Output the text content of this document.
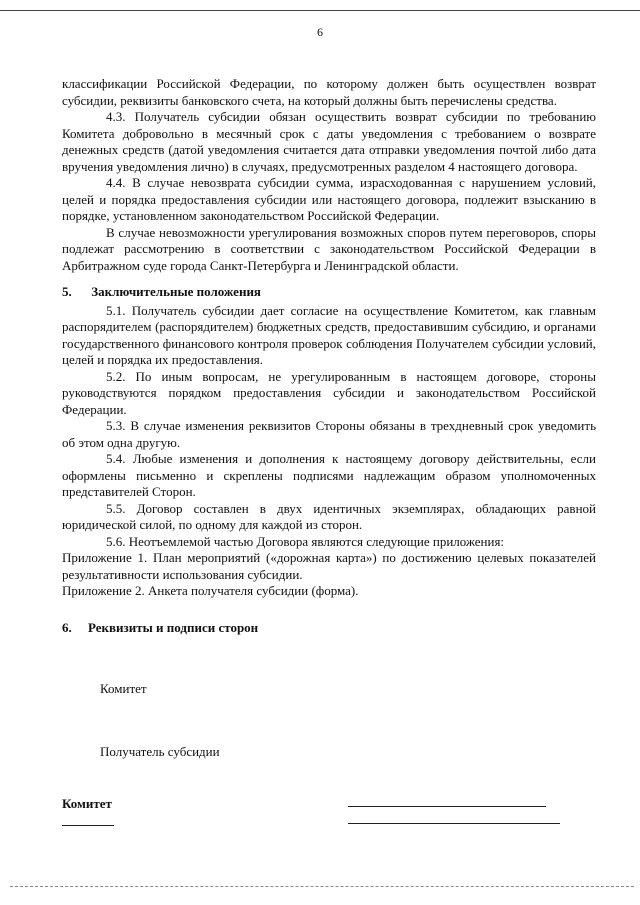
6

классификации Российской Федерации, по которому должен быть осуществлен возврат субсидии, реквизиты банковского счета, на который должны быть перечислены средства.

4.3. Получатель субсидии обязан осуществить возврат субсидии по требованию Комитета добровольно в месячный срок с даты уведомления с требованием о возврате денежных средств (датой уведомления считается дата отправки уведомления почтой либо дата вручения уведомления лично) в случаях, предусмотренных разделом 4 настоящего договора.

4.4. В случае невозврата субсидии сумма, израсходованная с нарушением условий, целей и порядка предоставления субсидии или настоящего договора, подлежит взысканию в порядке, установленном законодательством Российской Федерации.

В случае невозможности урегулирования возможных споров путем переговоров, споры подлежат рассмотрению в соответствии с законодательством Российской Федерации в Арбитражном суде города Санкт-Петербурга и Ленинградской области.

5. Заключительные положения

5.1. Получатель субсидии дает согласие на осуществление Комитетом, как главным распорядителем (распорядителем) бюджетных средств, предоставившим субсидию, и органами государственного финансового контроля проверок соблюдения Получателем субсидии условий, целей и порядка их предоставления.

5.2. По иным вопросам, не урегулированным в настоящем договоре, стороны руководствуются порядком предоставления субсидии и законодательством Российской Федерации.

5.3. В случае изменения реквизитов Стороны обязаны в трехдневный срок уведомить об этом одна другую.

5.4. Любые изменения и дополнения к настоящему договору действительны, если оформлены письменно и скреплены подписями надлежащим образом уполномоченных представителей Сторон.

5.5. Договор составлен в двух идентичных экземплярах, обладающих равной юридической силой, по одному для каждой из сторон.

5.6. Неотъемлемой частью Договора являются следующие приложения:

Приложение 1. План мероприятий («дорожная карта») по достижению целевых показателей результативности использования субсидии.

Приложение 2. Анкета получателя субсидии (форма).

6. Реквизиты и подписи сторон

Комитет
Получатель субсидии
Комитет
